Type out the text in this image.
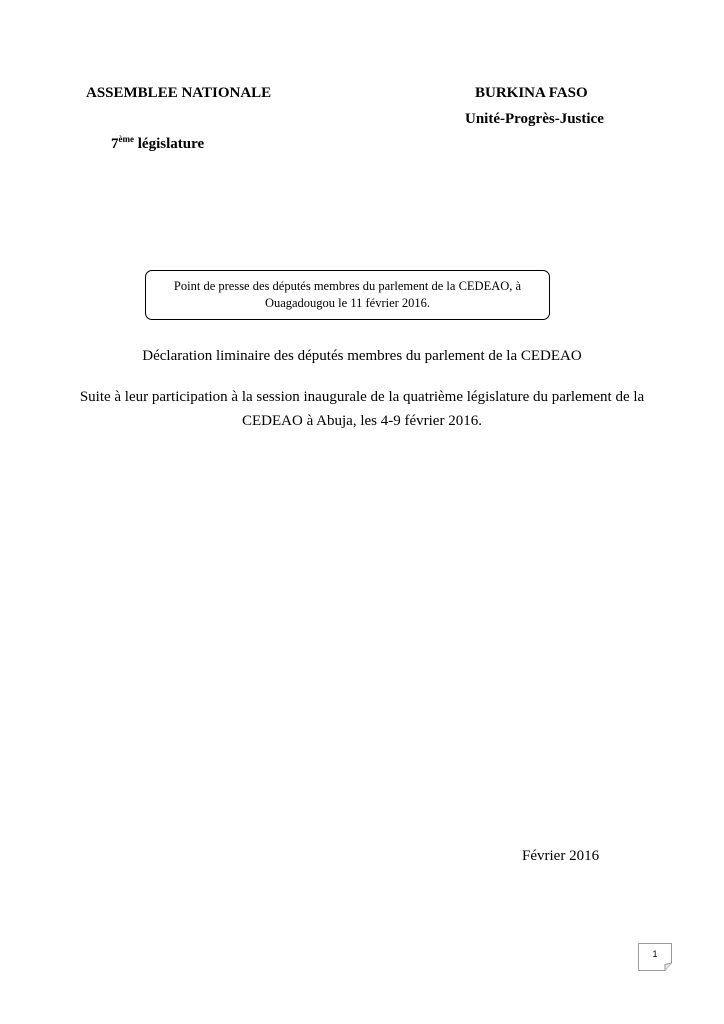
ASSEMBLEE NATIONALE	BURKINA FASO
Unité-Progrès-Justice
7ème législature
Point de presse des députés membres du parlement de la CEDEAO, à
Ouagadougou le 11 février 2016.
Déclaration liminaire des députés membres du parlement de la CEDEAO
Suite à leur participation à la session inaugurale de la quatrième législature du parlement de la
CEDEAO à Abuja, les 4-9 février 2016.
Février 2016
1
